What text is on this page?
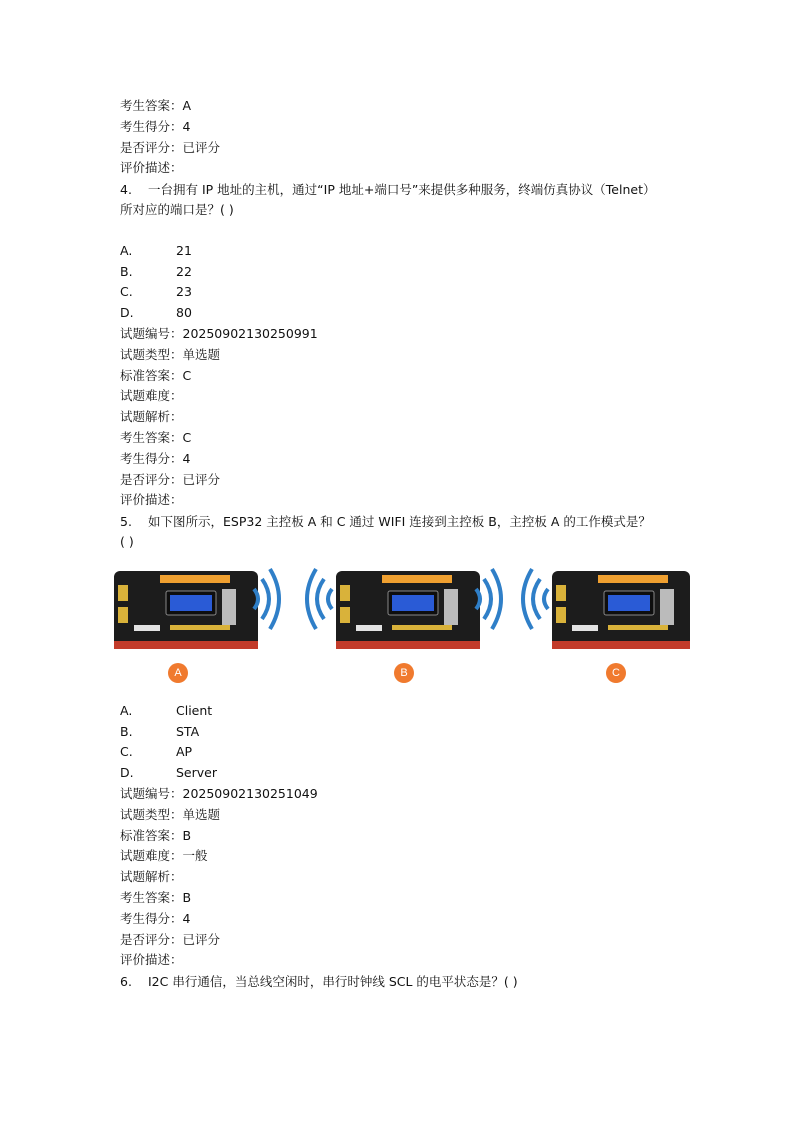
考生答案：A
考生得分：4
是否评分：已评分
评价描述：
4. 一台拥有 IP 地址的主机，通过“IP 地址+端口号”来提供多种服务，终端仿真协议（Telnet）
所对应的端口是？( )
A.	21
B.	22
C.	23
D.	80
试题编号：20250902130250991
试题类型：单选题
标准答案：C
试题难度：
试题解析：
考生答案：C
考生得分：4
是否评分：已评分
评价描述：
5. 如下图所示，ESP32 主控板 A 和 C 通过 WIFI 连接到主控板 B，主控板 A 的工作模式是？
( )
A	B	C
A.	Client
B.	STA
C.	AP
D.	Server
试题编号：20250902130251049
试题类型：单选题
标准答案：B
试题难度：一般
试题解析：
考生答案：B
考生得分：4
是否评分：已评分
评价描述：
6. I2C 串行通信，当总线空闲时，串行时钟线 SCL 的电平状态是？( )
